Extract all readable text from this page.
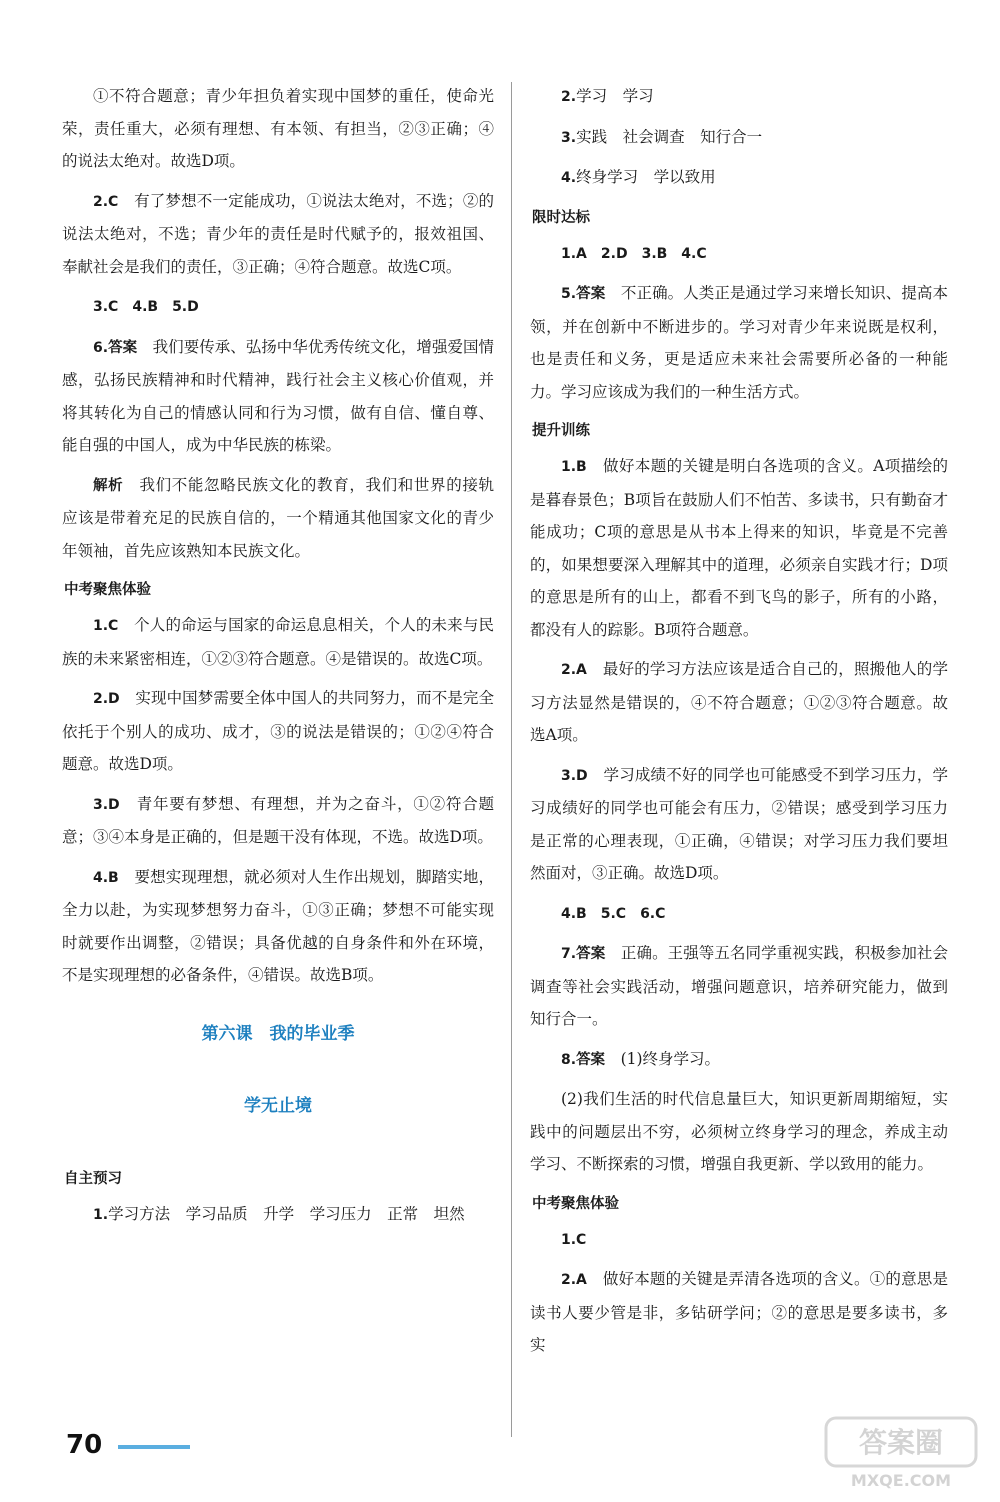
①不符合题意；青少年担负着实现中国梦的重任，使命光荣，责任重大，必须有理想、有本领、有担当，②③正确；④的说法太绝对。故选D项。

2.C　 有了梦想不一定能成功，①说法太绝对，不选；②的说法太绝对，不选；青少年的责任是时代赋予的，报效祖国、奉献社会是我们的责任，③正确；④符合题意。故选C项。

3.C　4.B　5.D

6.答案　 我们要传承、弘扬中华优秀传统文化，增强爱国情感，弘扬民族精神和时代精神，践行社会主义核心价值观，并将其转化为自己的情感认同和行为习惯，做有自信、懂自尊、能自强的中国人，成为中华民族的栋梁。

解析　 我们不能忽略民族文化的教育，我们和世界的接轨应该是带着充足的民族自信的，一个精通其他国家文化的青少年领袖，首先应该熟知本民族文化。

中考聚焦体验

1.C　 个人的命运与国家的命运息息相关，个人的未来与民族的未来紧密相连，①②③符合题意。④是错误的。故选C项。

2.D　 实现中国梦需要全体中国人的共同努力，而不是完全依托于个别人的成功、成才，③的说法是错误的；①②④符合题意。故选D项。

3.D　 青年要有梦想、有理想，并为之奋斗，①②符合题意；③④本身是正确的，但是题干没有体现，不选。故选D项。

4.B　 要想实现理想，就必须对人生作出规划，脚踏实地，全力以赴，为实现梦想努力奋斗，①③正确；梦想不可能实现时就要作出调整，②错误；具备优越的自身条件和外在环境，不是实现理想的必备条件，④错误。故选B项。

第六课　我的毕业季
学无止境
自主预习

1.学习方法　学习品质　升学　学习压力　正常　坦然

2.学习　学习

3.实践　社会调查　知行合一

4.终身学习　学以致用

限时达标

1.A　2.D　3.B　4.C

5.答案　 不正确。人类正是通过学习来增长知识、提高本领，并在创新中不断进步的。学习对青少年来说既是权利，也是责任和义务，更是适应未来社会需要所必备的一种能力。学习应该成为我们的一种生活方式。

提升训练

1.B　 做好本题的关键是明白各选项的含义。A项描绘的是暮春景色；B项旨在鼓励人们不怕苦、多读书，只有勤奋才能成功；C项的意思是从书本上得来的知识，毕竟是不完善的，如果想要深入理解其中的道理，必须亲自实践才行；D项的意思是所有的山上，都看不到飞鸟的影子，所有的小路，都没有人的踪影。B项符合题意。

2.A　 最好的学习方法应该是适合自己的，照搬他人的学习方法显然是错误的，④不符合题意；①②③符合题意。故选A项。

3.D　 学习成绩不好的同学也可能感受不到学习压力，学习成绩好的同学也可能会有压力，②错误；感受到学习压力是正常的心理表现，①正确，④错误；对学习压力我们要坦然面对，③正确。故选D项。

4.B　5.C　6.C

7.答案　 正确。王强等五名同学重视实践，积极参加社会调查等社会实践活动，增强问题意识，培养研究能力，做到知行合一。

8.答案　 (1)终身学习。

(2)我们生活的时代信息量巨大，知识更新周期缩短，实践中的问题层出不穷，必须树立终身学习的理念，养成主动学习、不断探索的习惯，增强自我更新、学以致用的能力。

中考聚焦体验

1.C

2.A　 做好本题的关键是弄清各选项的含义。①的意思是读书人要少管是非，多钻研学问；②的意思是要多读书，多实

70	答案圈
MXQE.COM
